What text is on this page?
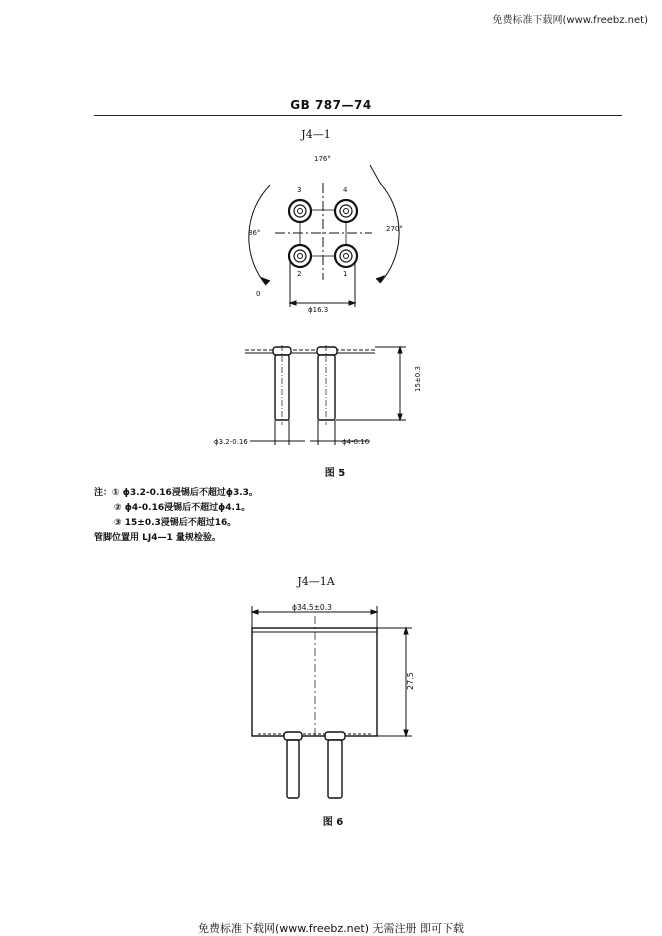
免费标准下载网(www.freebz.net)
GB 787—74
J4—1
176°
86°	270°
0
3	4
2	1
ϕ16.3
15±0.3
ϕ3.2-0.16	ϕ4-0.16
图 5
注：① ϕ3.2-0.16浸锡后不超过ϕ3.3。
② ϕ4-0.16浸锡后不超过ϕ4.1。
③ 15±0.3浸锡后不超过16。
管脚位置用 LJ4—1 量规检验。
J4—1A
ϕ34.5±0.3
27.5
图 6
免费标准下载网(www.freebz.net) 无需注册 即可下载
